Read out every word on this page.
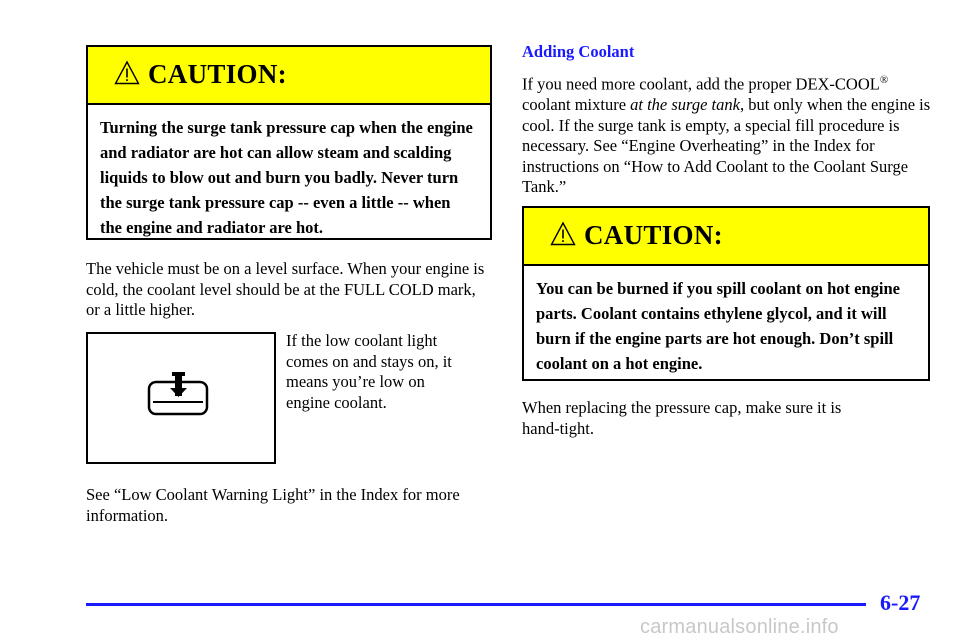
CAUTION:
Turning the surge tank pressure cap when the engine and radiator are hot can allow steam and scalding liquids to blow out and burn you badly. Never turn the surge tank pressure cap -- even a little -- when the engine and radiator are hot.
The vehicle must be on a level surface. When your engine is cold, the coolant level should be at the FULL COLD mark, or a little higher.
If the low coolant light comes on and stays on, it means you’re low on engine coolant.
See “Low Coolant Warning Light” in the Index for more information.
Adding Coolant
If you need more coolant, add the proper DEX-COOL® coolant mixture at the surge tank, but only when the engine is cool. If the surge tank is empty, a special fill procedure is necessary. See “Engine Overheating” in the Index for instructions on “How to Add Coolant to the Coolant Surge Tank.”
CAUTION:
You can be burned if you spill coolant on hot engine parts. Coolant contains ethylene glycol, and it will burn if the engine parts are hot enough. Don’t spill coolant on a hot engine.
When replacing the pressure cap, make sure it is hand-tight.
6-27
carmanualsonline.info
